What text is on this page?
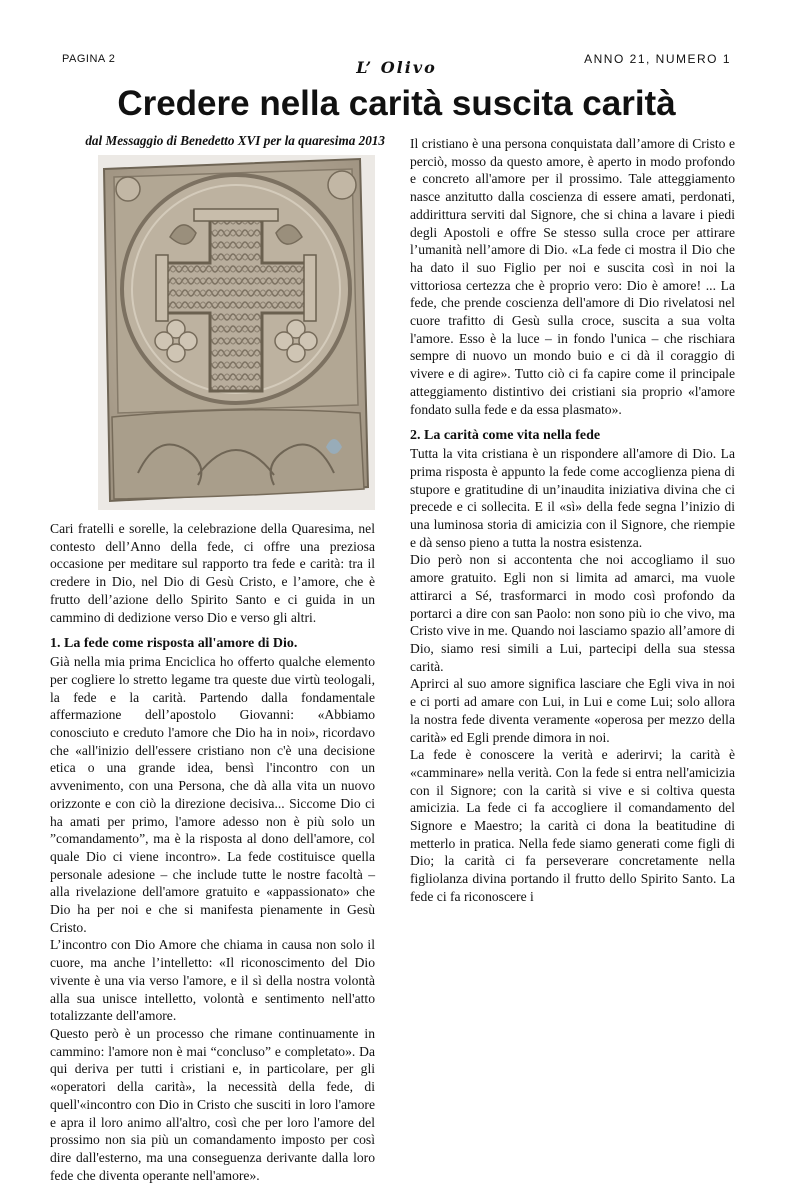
PAGINA 2	L’ Olivo	ANNO 21, NUMERO 1
Credere nella carità suscita carità
dal Messaggio di Benedetto XVI per la quaresima 2013

Cari fratelli e sorelle, la celebrazione della Quaresima, nel contesto dell’Anno della fede, ci offre una preziosa occasione per meditare sul rapporto tra fede e carità: tra il credere in Dio, nel Dio di Gesù Cristo, e l’amore, che è frutto dell’azione dello Spirito Santo e ci guida in un cammino di dedizione verso Dio e verso gli altri.

1. La fede come risposta all'amore di Dio.

Già nella mia prima Enciclica ho offerto qualche elemento per cogliere lo stretto legame tra queste due virtù teologali, la fede e la carità. Partendo dalla fondamentale affermazione dell’apostolo Giovanni: «Abbiamo conosciuto e creduto l'amore che Dio ha in noi», ricordavo che «all'inizio dell'essere cristiano non c'è una decisione etica o una grande idea, bensì l'incontro con un avvenimento, con una Persona, che dà alla vita un nuovo orizzonte e con ciò la direzione decisiva... Siccome Dio ci ha amati per primo, l'amore adesso non è più solo un ”comandamento”, ma è la risposta al dono dell'amore, col quale Dio ci viene incontro». La fede costituisce quella personale adesione – che include tutte le nostre facoltà – alla rivelazione dell'amore gratuito e «appassionato» che Dio ha per noi e che si manifesta pienamente in Gesù Cristo.

L’incontro con Dio Amore che chiama in causa non solo il cuore, ma anche l’intelletto: «Il riconoscimento del Dio vivente è una via verso l'amore, e il sì della nostra volontà alla sua unisce intelletto, volontà e sentimento nell'atto totalizzante dell'amore.

Questo però è un processo che rimane continuamente in cammino: l'amore non è mai “concluso” e completato». Da qui deriva per tutti i cristiani e, in particolare, per gli «operatori della carità», la necessità della fede, di quell'«incontro con Dio in Cristo che susciti in loro l'amore e apra il loro animo all'altro, così che per loro l'amore del prossimo non sia più un comandamento imposto per così dire dall'esterno, ma una conseguenza derivante dalla loro fede che diventa operante nell'amore».

Il cristiano è una persona conquistata dall’amore di Cristo e perciò, mosso da questo amore, è aperto in modo profondo e concreto all'amore per il prossimo. Tale atteggiamento nasce anzitutto dalla coscienza di essere amati, perdonati, addirittura serviti dal Signore, che si china a lavare i piedi degli Apostoli e offre Se stesso sulla croce per attirare l’umanità nell’amore di Dio. «La fede ci mostra il Dio che ha dato il suo Figlio per noi e suscita così in noi la vittoriosa certezza che è proprio vero: Dio è amore! ... La fede, che prende coscienza dell'amore di Dio rivelatosi nel cuore trafitto di Gesù sulla croce, suscita a sua volta l'amore. Esso è la luce – in fondo l'unica – che rischiara sempre di nuovo un mondo buio e ci dà il coraggio di vivere e di agire». Tutto ciò ci fa capire come il principale atteggiamento distintivo dei cristiani sia proprio «l'amore fondato sulla fede e da essa plasmato».

2. La carità come vita nella fede

Tutta la vita cristiana è un rispondere all'amore di Dio. La prima risposta è appunto la fede come accoglienza piena di stupore e gratitudine di un’inaudita iniziativa divina che ci precede e ci sollecita. E il «sì» della fede segna l’inizio di una luminosa storia di amicizia con il Signore, che riempie e dà senso pieno a tutta la nostra esistenza.

Dio però non si accontenta che noi accogliamo il suo amore gratuito. Egli non si limita ad amarci, ma vuole attirarci a Sé, trasformarci in modo così profondo da portarci a dire con san Paolo: non sono più io che vivo, ma Cristo vive in me. Quando noi lasciamo spazio all’amore di Dio, siamo resi simili a Lui, partecipi della sua stessa carità.

Aprirci al suo amore significa lasciare che Egli viva in noi e ci porti ad amare con Lui, in Lui e come Lui; solo allora la nostra fede diventa veramente «operosa per mezzo della carità» ed Egli prende dimora in noi.

La fede è conoscere la verità e aderirvi; la carità è «camminare» nella verità. Con la fede si entra nell'amicizia con il Signore; con la carità si vive e si coltiva questa amicizia. La fede ci fa accogliere il comandamento del Signore e Maestro; la carità ci dona la beatitudine di metterlo in pratica. Nella fede siamo generati come figli di Dio; la carità ci fa perseverare concretamente nella figliolanza divina portando il frutto dello Spirito Santo. La fede ci fa riconoscere i
